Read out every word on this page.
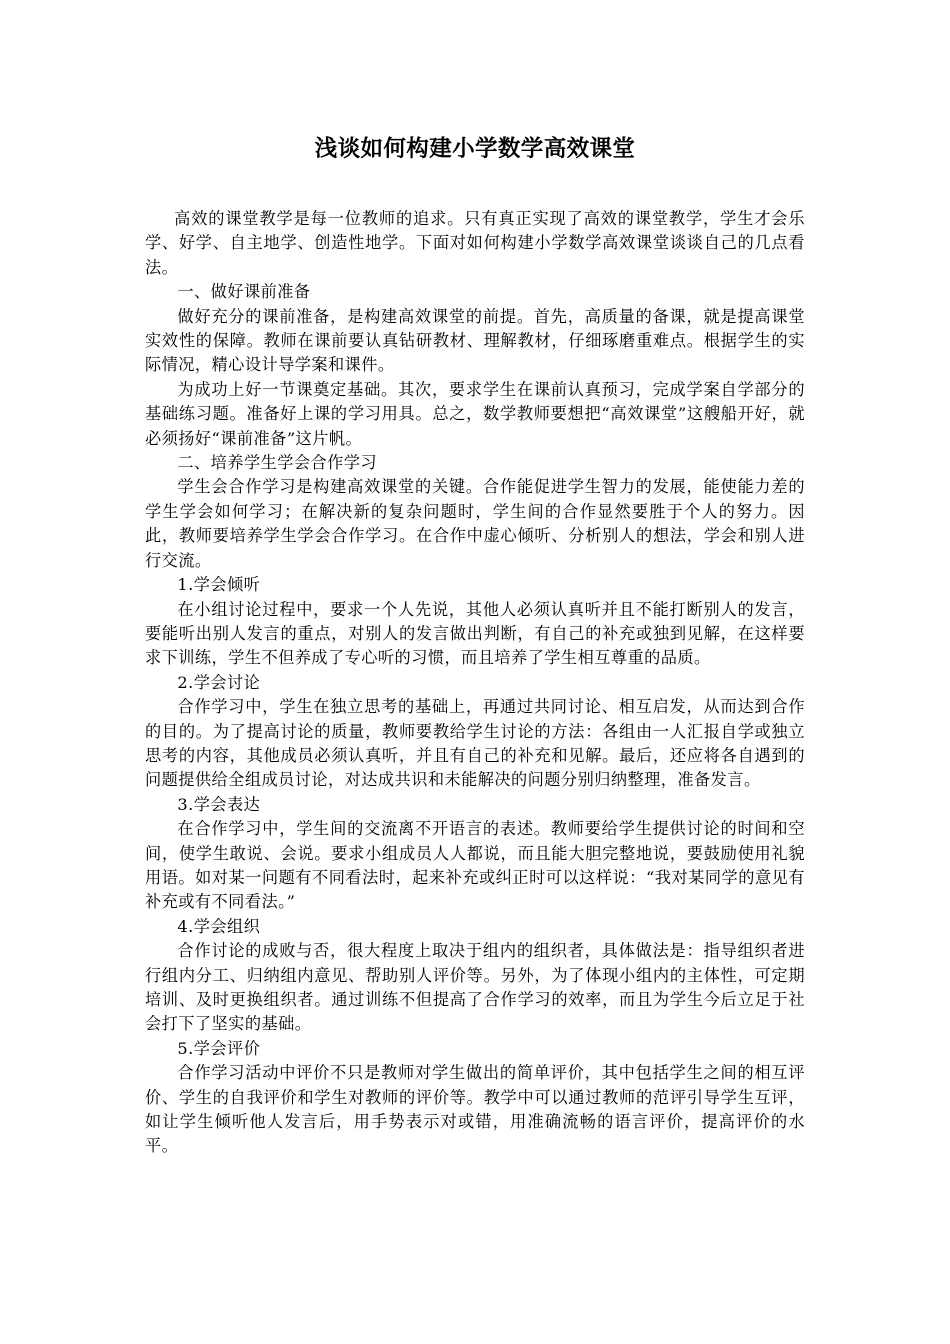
浅谈如何构建小学数学高效课堂

高效的课堂教学是每一位教师的追求。只有真正实现了高效的课堂教学，学生才会乐学、好学、自主地学、创造性地学。下面对如何构建小学数学高效课堂谈谈自己的几点看法。

一、做好课前准备

做好充分的课前准备，是构建高效课堂的前提。首先，高质量的备课，就是提高课堂实效性的保障。教师在课前要认真钻研教材、理解教材，仔细琢磨重难点。根据学生的实际情况，精心设计导学案和课件。

为成功上好一节课奠定基础。其次，要求学生在课前认真预习，完成学案自学部分的基础练习题。准备好上课的学习用具。总之，数学教师要想把“高效课堂”这艘船开好，就必须扬好“课前准备”这片帆。

二、培养学生学会合作学习

学生会合作学习是构建高效课堂的关键。合作能促进学生智力的发展，能使能力差的学生学会如何学习；在解决新的复杂问题时，学生间的合作显然要胜于个人的努力。因此，教师要培养学生学会合作学习。在合作中虚心倾听、分析别人的想法，学会和别人进行交流。

1.学会倾听

在小组讨论过程中，要求一个人先说，其他人必须认真听并且不能打断别人的发言，要能听出别人发言的重点，对别人的发言做出判断，有自己的补充或独到见解，在这样要求下训练，学生不但养成了专心听的习惯，而且培养了学生相互尊重的品质。

2.学会讨论

合作学习中，学生在独立思考的基础上，再通过共同讨论、相互启发，从而达到合作的目的。为了提高讨论的质量，教师要教给学生讨论的方法：各组由一人汇报自学或独立思考的内容，其他成员必须认真听，并且有自己的补充和见解。最后，还应将各自遇到的问题提供给全组成员讨论，对达成共识和未能解决的问题分别归纳整理，准备发言。

3.学会表达

在合作学习中，学生间的交流离不开语言的表述。教师要给学生提供讨论的时间和空间，使学生敢说、会说。要求小组成员人人都说，而且能大胆完整地说，要鼓励使用礼貌用语。如对某一问题有不同看法时，起来补充或纠正时可以这样说：“我对某同学的意见有补充或有不同看法。”

4.学会组织

合作讨论的成败与否，很大程度上取决于组内的组织者，具体做法是：指导组织者进行组内分工、归纳组内意见、帮助别人评价等。另外，为了体现小组内的主体性，可定期培训、及时更换组织者。通过训练不但提高了合作学习的效率，而且为学生今后立足于社会打下了坚实的基础。

5.学会评价

合作学习活动中评价不只是教师对学生做出的简单评价，其中包括学生之间的相互评价、学生的自我评价和学生对教师的评价等。教学中可以通过教师的范评引导学生互评，如让学生倾听他人发言后，用手势表示对或错，用准确流畅的语言评价，提高评价的水平。
